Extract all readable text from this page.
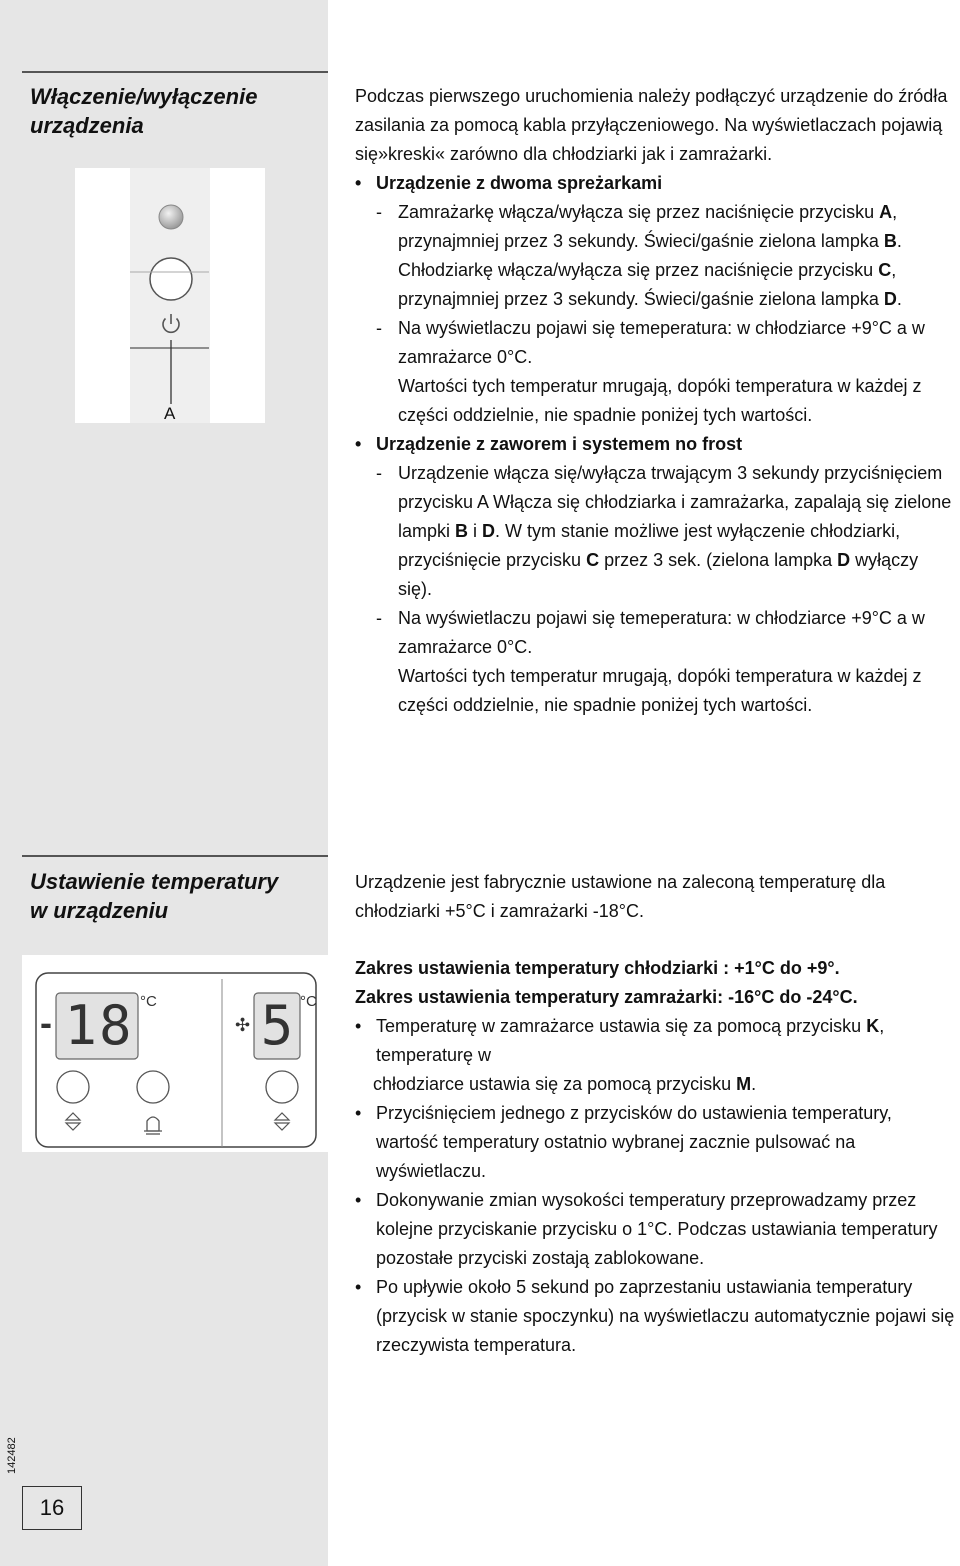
Włączenie/wyłączenie
urządzenia
A

Podczas pierwszego uruchomienia należy podłączyć urządzenie do źródła zasilania za pomocą kabla przyłączeniowego. Na wyświetlaczach pojawią się»kreski« zarówno dla chłodziarki jak i zamrażarki.

• Urządzenie z dwoma spreżarkami
- Zamrażarkę włącza/wyłącza się przez naciśnięcie przycisku A, przynajmniej przez 3 sekundy. Świeci/gaśnie zielona lampka B. Chłodziarkę włącza/wyłącza się przez naciśnięcie przycisku C, przynajmniej przez 3 sekundy. Świeci/gaśnie zielona lampka D.
- Na wyświetlaczu pojawi się temeperatura: w chłodziarce +9°C a w zamrażarce 0°C.
Wartości tych temperatur mrugają, dopóki temperatura w każdej z części oddzielnie, nie spadnie poniżej tych wartości.
• Urządzenie z zaworem i systemem no frost
- Urządzenie włącza się/wyłącza trwającym 3 sekundy przyciśnięciem przycisku A Włącza się chłodziarka i zamrażarka, zapalają się zielone lampki B i D. W tym stanie możliwe jest wyłączenie chłodziarki, przyciśnięcie przycisku C przez 3 sek. (zielona lampka D wyłączy się).
- Na wyświetlaczu pojawi się temeperatura: w chłodziarce +9°C a w zamrażarce 0°C.
Wartości tych temperatur mrugają, dopóki temperatura w każdej z części oddzielnie, nie spadnie poniżej tych wartości.
Ustawienie temperatury
w urządzeniu
Urządzenie jest fabrycznie ustawione na zaleconą temperaturę dla chłodziarki +5°C i zamrażarki -18°C.
- 18 °C
✣ 5 °C

Zakres ustawienia temperatury chłodziarki : +1°C do +9°.

Zakres ustawienia temperatury zamrażarki: -16°C do -24°C.

• Temperaturę w zamrażarce ustawia się za pomocą przycisku K, temperaturę w
chłodziarce ustawia się za pomocą przycisku M.
• Przyciśnięciem jednego z przycisków do ustawienia temperatury, wartość temperatury ostatnio wybranej zacznie pulsować na wyświetlaczu.
• Dokonywanie zmian wysokości temperatury przeprowadzamy przez kolejne przyciskanie przycisku o 1°C. Podczas ustawiania temperatury pozostałe przyciski zostają zablokowane.
• Po upływie około 5 sekund po zaprzestaniu ustawiania temperatury (przycisk w stanie spoczynku) na wyświetlaczu automatycznie pojawi się rzeczywista temperatura.
142482
16
